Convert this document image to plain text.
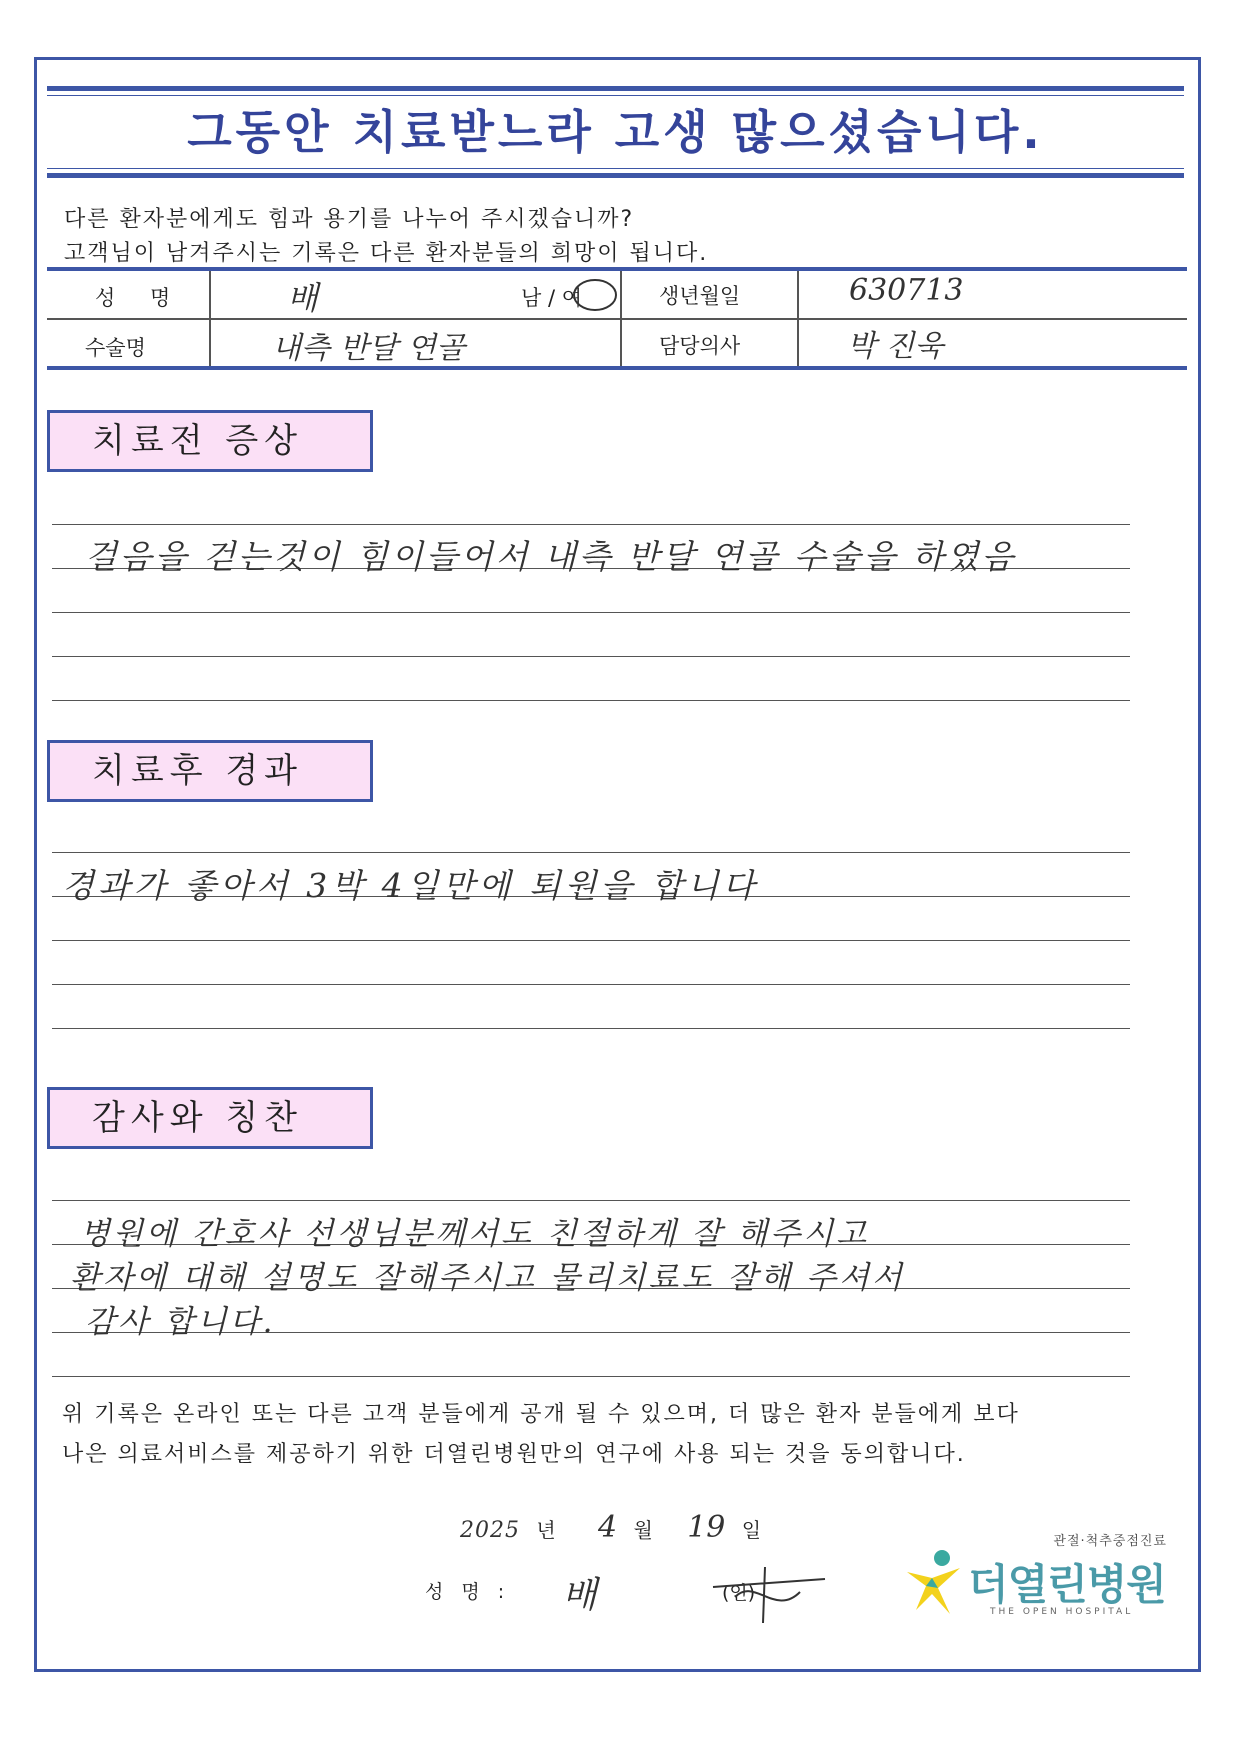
그동안 치료받느라 고생 많으셨습니다.
다른 환자분에게도 힘과 용기를 나누어 주시겠습니까?
고객님이 남겨주시는 기록은 다른 환자분들의 희망이 됩니다.
성 명	배	남 / 여	생년월일	630713
수술명	내측 반달 연골	담당의사	박 진욱
치료전 증상
걸음을 걷는것이 힘이들어서 내측 반달 연골 수술을 하였음
치료후 경과
경과가 좋아서 3박 4일만에 퇴원을 합니다
감사와 칭찬
병원에 간호사 선생님분께서도 친절하게 잘 해주시고
환자에 대해 설명도 잘해주시고 물리치료도 잘해 주셔서
감사 합니다.
위 기록은 온라인 또는 다른 고객 분들에게 공개 될 수 있으며, 더 많은 환자 분들에게 보다
나은 의료서비스를 제공하기 위한 더열린병원만의 연구에 사용 되는 것을 동의합니다.
2025 년 4 월 19 일
성 명 : 배	(인)
관절·척추중점진료
더열린병원
THE OPEN HOSPITAL
